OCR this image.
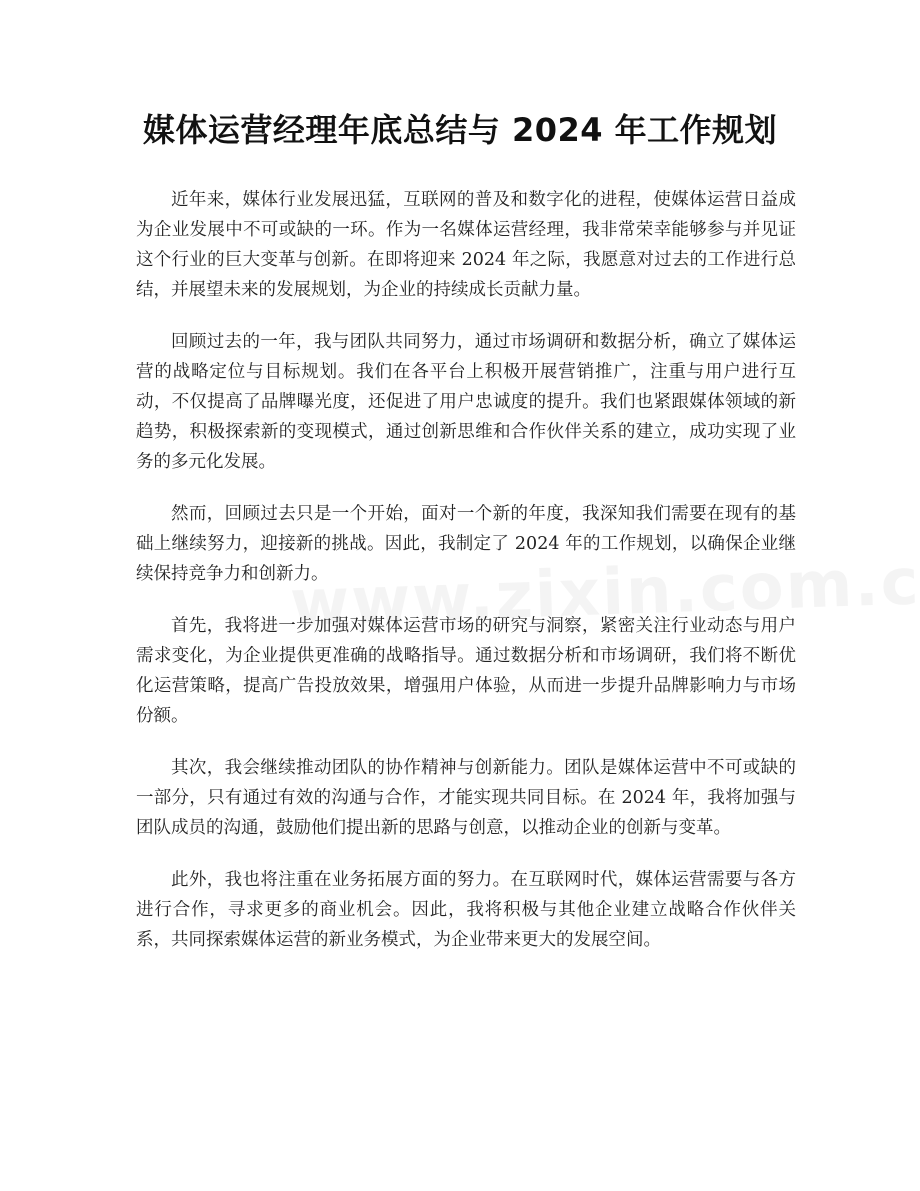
媒体运营经理年底总结与 2024 年工作规划

近年来，媒体行业发展迅猛，互联网的普及和数字化的进程，使媒体运营日益成为企业发展中不可或缺的一环。作为一名媒体运营经理，我非常荣幸能够参与并见证这个行业的巨大变革与创新。在即将迎来 2024 年之际，我愿意对过去的工作进行总结，并展望未来的发展规划，为企业的持续成长贡献力量。

回顾过去的一年，我与团队共同努力，通过市场调研和数据分析，确立了媒体运营的战略定位与目标规划。我们在各平台上积极开展营销推广，注重与用户进行互动，不仅提高了品牌曝光度，还促进了用户忠诚度的提升。我们也紧跟媒体领域的新趋势，积极探索新的变现模式，通过创新思维和合作伙伴关系的建立，成功实现了业务的多元化发展。

然而，回顾过去只是一个开始，面对一个新的年度，我深知我们需要在现有的基础上继续努力，迎接新的挑战。因此，我制定了 2024 年的工作规划，以确保企业继续保持竞争力和创新力。

首先，我将进一步加强对媒体运营市场的研究与洞察，紧密关注行业动态与用户需求变化，为企业提供更准确的战略指导。通过数据分析和市场调研，我们将不断优化运营策略，提高广告投放效果，增强用户体验，从而进一步提升品牌影响力与市场份额。

其次，我会继续推动团队的协作精神与创新能力。团队是媒体运营中不可或缺的一部分，只有通过有效的沟通与合作，才能实现共同目标。在 2024 年，我将加强与团队成员的沟通，鼓励他们提出新的思路与创意，以推动企业的创新与变革。

此外，我也将注重在业务拓展方面的努力。在互联网时代，媒体运营需要与各方进行合作，寻求更多的商业机会。因此，我将积极与其他企业建立战略合作伙伴关系，共同探索媒体运营的新业务模式，为企业带来更大的发展空间。
